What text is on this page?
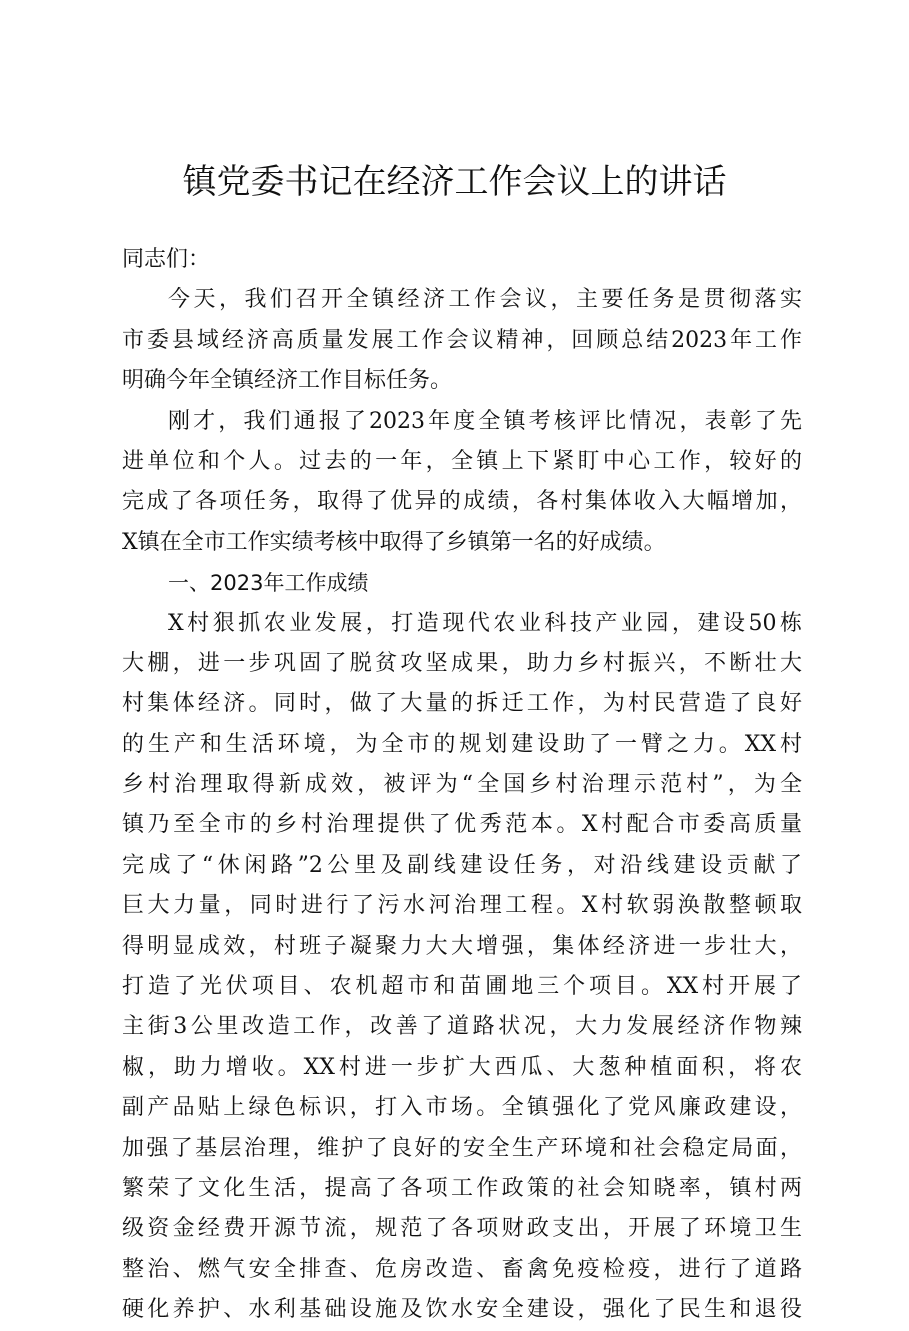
镇党委书记在经济工作会议上的讲话
同志们：
今天，我们召开全镇经济工作会议，主要任务是贯彻落实
市委县域经济高质量发展工作会议精神，回顾总结2023年工作
明确今年全镇经济工作目标任务。
刚才，我们通报了2023年度全镇考核评比情况，表彰了先
进单位和个人。过去的一年，全镇上下紧盯中心工作，较好的
完成了各项任务，取得了优异的成绩，各村集体收入大幅增加，
X镇在全市工作实绩考核中取得了乡镇第一名的好成绩。
一、2023年工作成绩
X村狠抓农业发展，打造现代农业科技产业园，建设50栋
大棚，进一步巩固了脱贫攻坚成果，助力乡村振兴，不断壮大
村集体经济。同时，做了大量的拆迁工作，为村民营造了良好
的生产和生活环境，为全市的规划建设助了一臂之力。XX村
乡村治理取得新成效，被评为“全国乡村治理示范村”，为全
镇乃至全市的乡村治理提供了优秀范本。X村配合市委高质量
完成了“休闲路”2公里及副线建设任务，对沿线建设贡献了
巨大力量，同时进行了污水河治理工程。X村软弱涣散整顿取
得明显成效，村班子凝聚力大大增强，集体经济进一步壮大，
打造了光伏项目、农机超市和苗圃地三个项目。XX村开展了
主街3公里改造工作，改善了道路状况，大力发展经济作物辣
椒，助力增收。XX村进一步扩大西瓜、大葱种植面积，将农
副产品贴上绿色标识，打入市场。全镇强化了党风廉政建设，
加强了基层治理，维护了良好的安全生产环境和社会稳定局面，
繁荣了文化生活，提高了各项工作政策的社会知晓率，镇村两
级资金经费开源节流，规范了各项财政支出，开展了环境卫生
整治、燃气安全排查、危房改造、畜禽免疫检疫，进行了道路
硬化养护、水利基础设施及饮水安全建设，强化了民生和退役
